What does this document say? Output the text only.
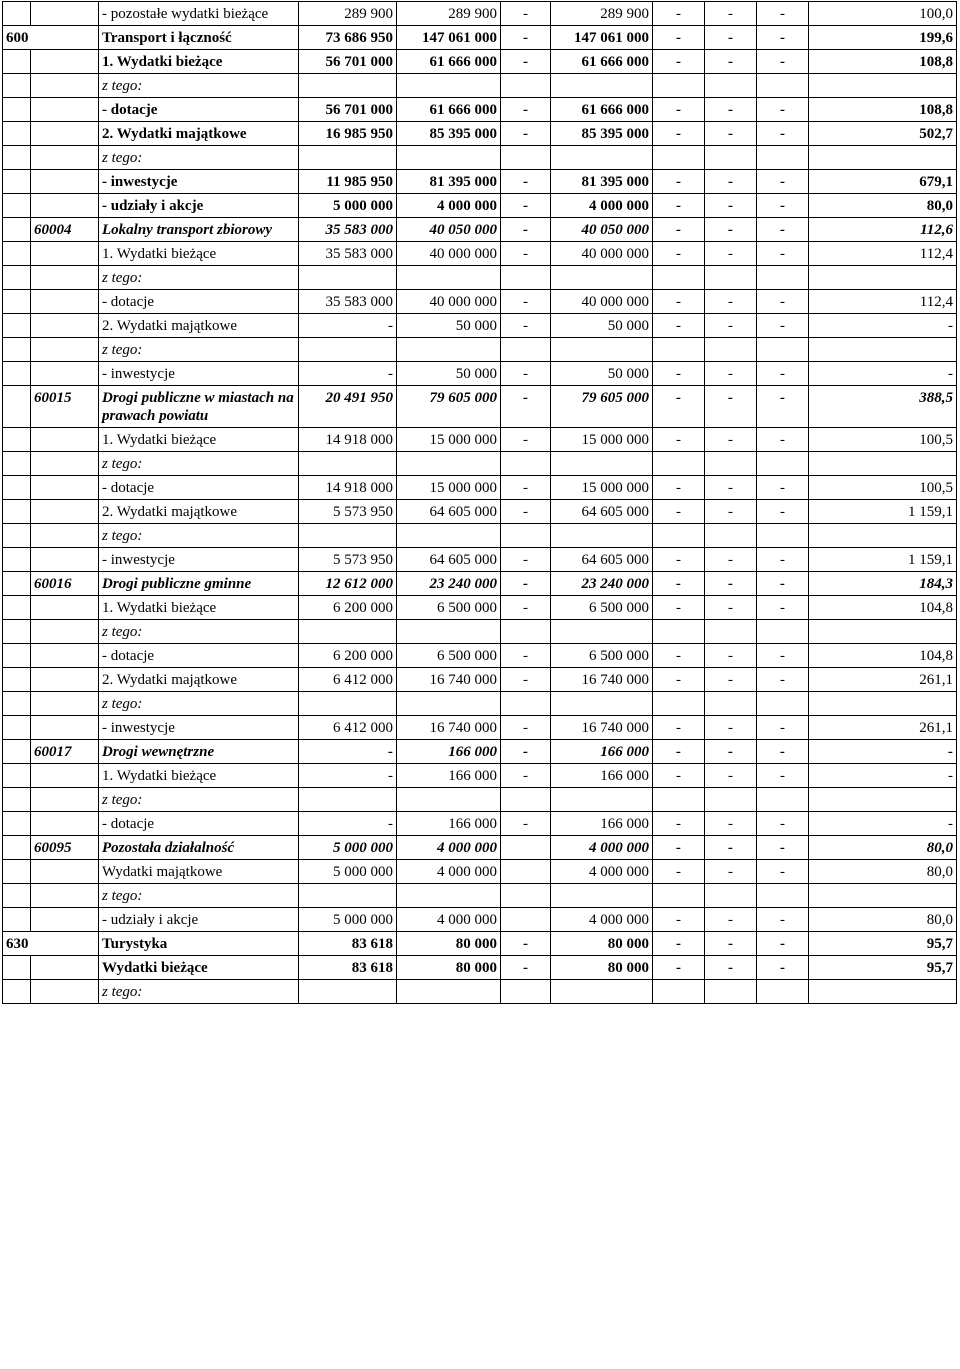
		- pozostałe wydatki bieżące	289 900	289 900	-	289 900	-	-	-	100,0
600		Transport i łączność	73 686 950	147 061 000	-	147 061 000	-	-	-	199,6
		1. Wydatki bieżące	56 701 000	61 666 000	-	61 666 000	-	-	-	108,8
		z tego:								
		- dotacje	56 701 000	61 666 000	-	61 666 000	-	-	-	108,8
		2. Wydatki majątkowe	16 985 950	85 395 000	-	85 395 000	-	-	-	502,7
		z tego:								
		- inwestycje	11 985 950	81 395 000	-	81 395 000	-	-	-	679,1
		- udziały i akcje	5 000 000	4 000 000	-	4 000 000	-	-	-	80,0
	60004	Lokalny transport zbiorowy	35 583 000	40 050 000	-	40 050 000	-	-	-	112,6
		1. Wydatki bieżące	35 583 000	40 000 000	-	40 000 000	-	-	-	112,4
		z tego:								
		- dotacje	35 583 000	40 000 000	-	40 000 000	-	-	-	112,4
		2. Wydatki majątkowe	-	50 000	-	50 000	-	-	-	-
		z tego:								
		- inwestycje	-	50 000	-	50 000	-	-	-	-
	60015	Drogi publiczne w miastach na prawach powiatu	20 491 950	79 605 000	-	79 605 000	-	-	-	388,5
		1. Wydatki bieżące	14 918 000	15 000 000	-	15 000 000	-	-	-	100,5
		z tego:								
		- dotacje	14 918 000	15 000 000	-	15 000 000	-	-	-	100,5
		2. Wydatki majątkowe	5 573 950	64 605 000	-	64 605 000	-	-	-	1 159,1
		z tego:								
		- inwestycje	5 573 950	64 605 000	-	64 605 000	-	-	-	1 159,1
	60016	Drogi publiczne gminne	12 612 000	23 240 000	-	23 240 000	-	-	-	184,3
		1. Wydatki bieżące	6 200 000	6 500 000	-	6 500 000	-	-	-	104,8
		z tego:								
		- dotacje	6 200 000	6 500 000	-	6 500 000	-	-	-	104,8
		2. Wydatki majątkowe	6 412 000	16 740 000	-	16 740 000	-	-	-	261,1
		z tego:								
		- inwestycje	6 412 000	16 740 000	-	16 740 000	-	-	-	261,1
	60017	Drogi wewnętrzne	-	166 000	-	166 000	-	-	-	-
		1. Wydatki bieżące	-	166 000	-	166 000	-	-	-	-
		z tego:								
		- dotacje	-	166 000	-	166 000	-	-	-	-
	60095	Pozostała działalność	5 000 000	4 000 000		4 000 000	-	-	-	80,0
		Wydatki majątkowe	5 000 000	4 000 000		4 000 000	-	-	-	80,0
		z tego:								
		- udziały i akcje	5 000 000	4 000 000		4 000 000	-	-	-	80,0
630		Turystyka	83 618	80 000	-	80 000	-	-	-	95,7
		Wydatki bieżące	83 618	80 000	-	80 000	-	-	-	95,7
		z tego:								
